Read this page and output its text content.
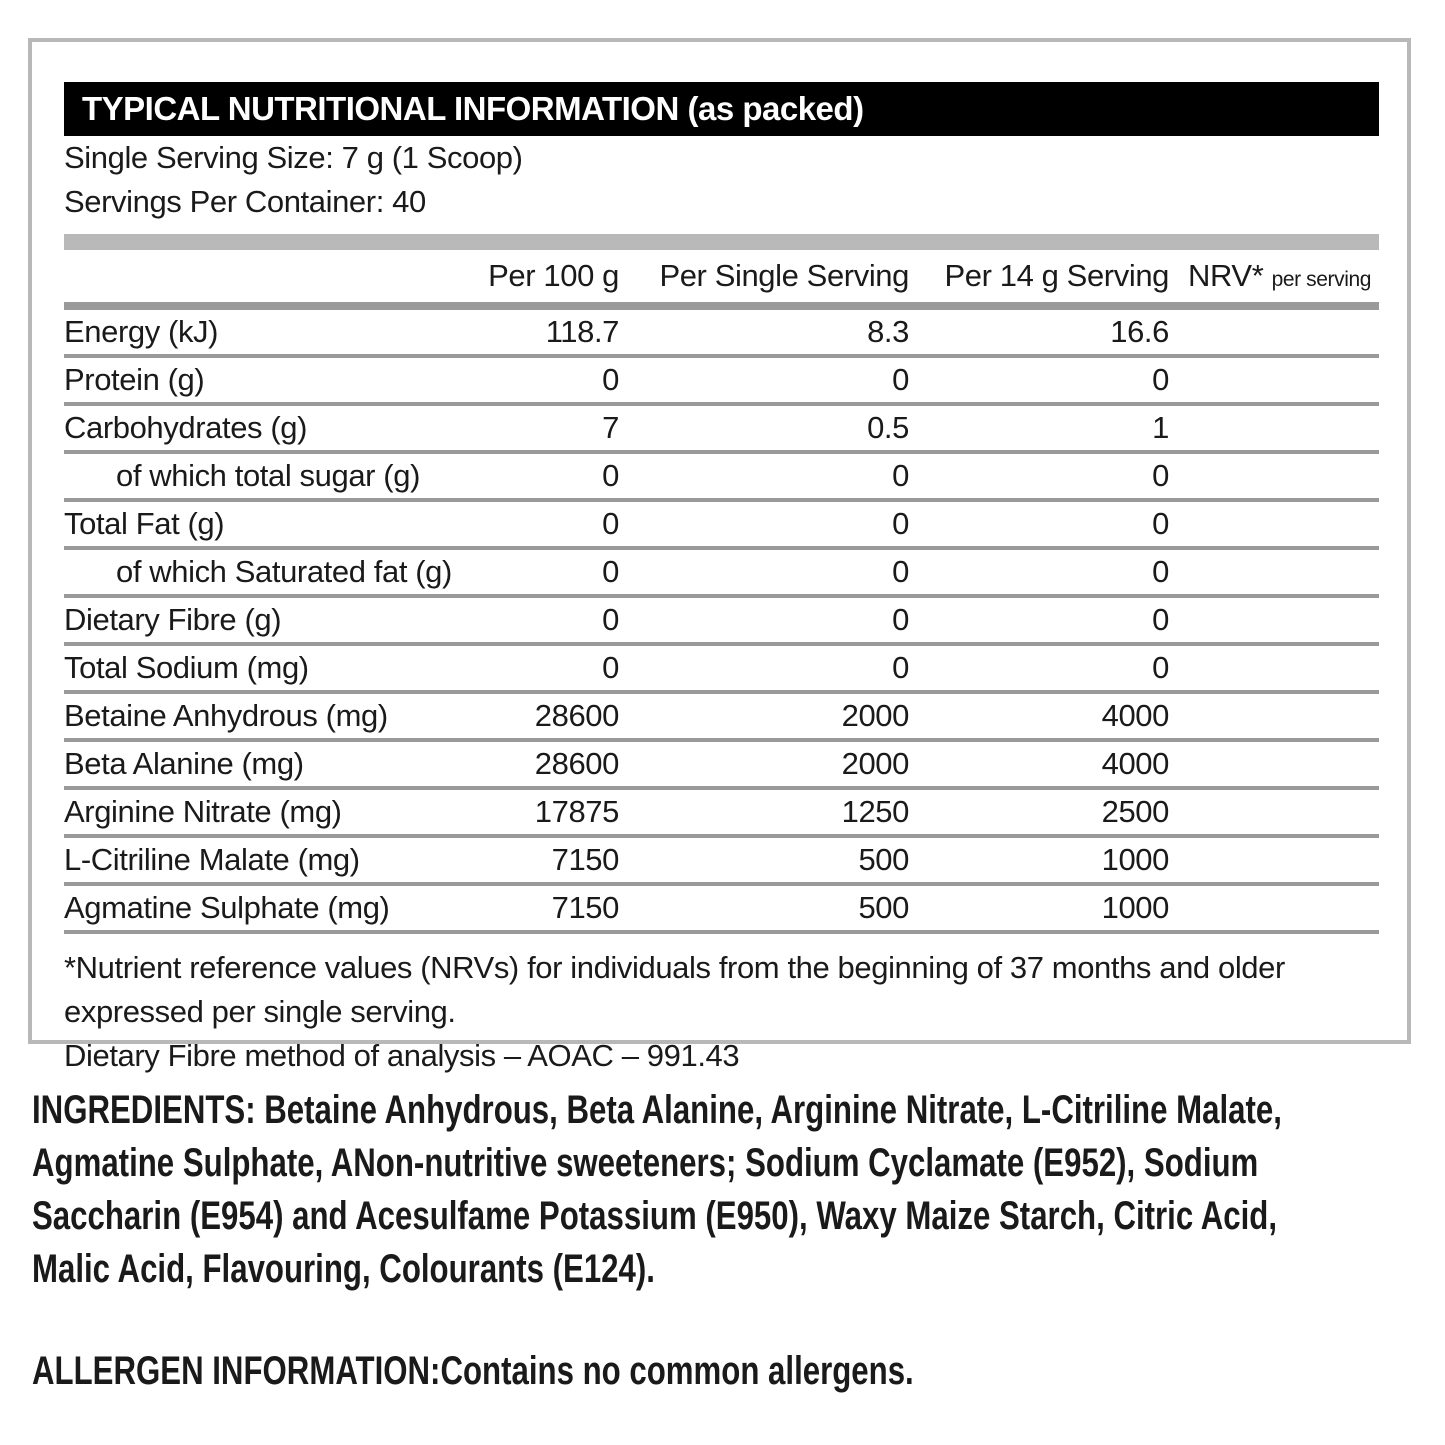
TYPICAL NUTRITIONAL INFORMATION (as packed)
Single Serving Size: 7 g (1 Scoop)
Servings Per Container: 40
Per 100 g Per Single Serving Per 14 g Serving NRV* per serving
Energy (kJ)	118.7	8.3	16.6
Protein (g)	0	0	0
Carbohydrates (g)	7	0.5	1
of which total sugar (g)	0	0	0
Total Fat (g)	0	0	0
of which Saturated fat (g)	0	0	0
Dietary Fibre (g)	0	0	0
Total Sodium (mg)	0	0	0
Betaine Anhydrous (mg)	28600	2000	4000
Beta Alanine (mg)	28600	2000	4000
Arginine Nitrate (mg)	17875	1250	2500
L-Citriline Malate (mg)	7150	500	1000
Agmatine Sulphate (mg)	7150	500	1000
*Nutrient reference values (NRVs) for individuals from the beginning of 37 months and older
expressed per single serving.
Dietary Fibre method of analysis – AOAC – 991.43
INGREDIENTS: Betaine Anhydrous, Beta Alanine, Arginine Nitrate, L-Citriline Malate,
Agmatine Sulphate, ANon-nutritive sweeteners; Sodium Cyclamate (E952), Sodium
Saccharin (E954) and Acesulfame Potassium (E950), Waxy Maize Starch, Citric Acid,
Malic Acid, Flavouring, Colourants (E124).
ALLERGEN INFORMATION:Contains no common allergens.
